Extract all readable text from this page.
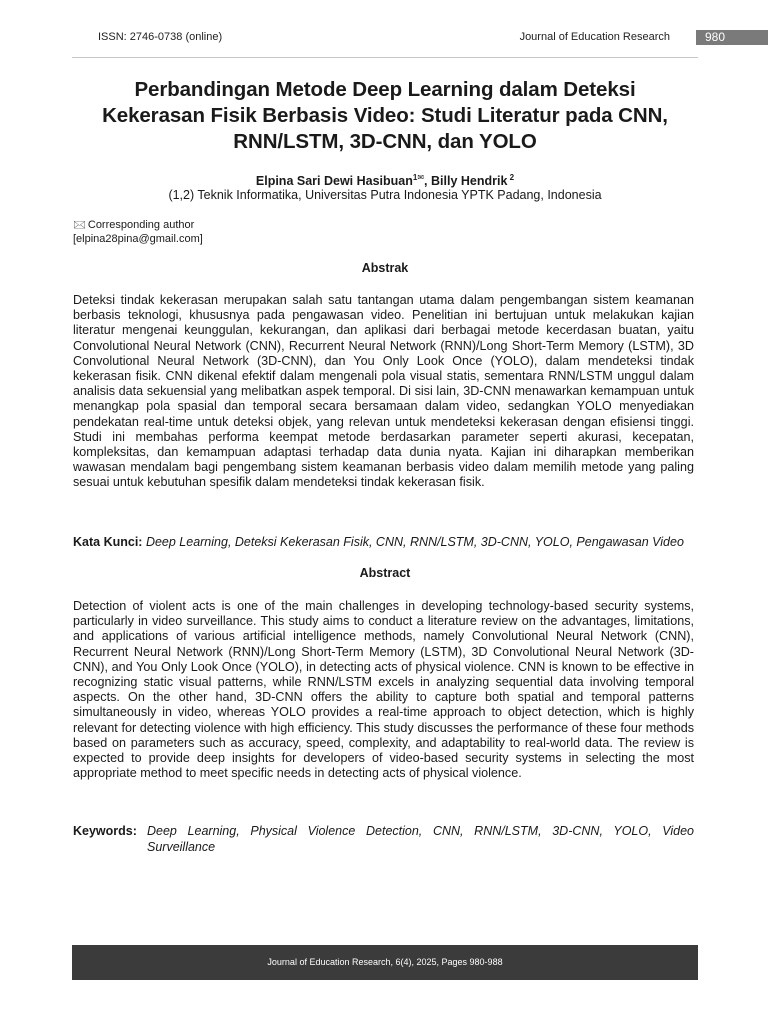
ISSN: 2746-0738 (online)	Journal of Education Research	980
Perbandingan Metode Deep Learning dalam Deteksi
Kekerasan Fisik Berbasis Video: Studi Literatur pada CNN,
RNN/LSTM, 3D-CNN, dan YOLO
Elpina Sari Dewi Hasibuan$^{1✉}$, Billy Hendrik $^2$
(1,2) Teknik Informatika, Universitas Putra Indonesia YPTK Padang, Indonesia
🖂 Corresponding author
[elpina28pina@gmail.com]
Abstrak

Deteksi tindak kekerasan merupakan salah satu tantangan utama dalam pengembangan sistem keamanan berbasis teknologi, khususnya pada pengawasan video. Penelitian ini bertujuan untuk melakukan kajian literatur mengenai keunggulan, kekurangan, dan aplikasi dari berbagai metode kecerdasan buatan, yaitu Convolutional Neural Network (CNN), Recurrent Neural Network (RNN)/Long Short-Term Memory (LSTM), 3D Convolutional Neural Network (3D-CNN), dan You Only Look Once (YOLO), dalam mendeteksi tindak kekerasan fisik. CNN dikenal efektif dalam mengenali pola visual statis, sementara RNN/LSTM unggul dalam analisis data sekuensial yang melibatkan aspek temporal. Di sisi lain, 3D-CNN menawarkan kemampuan untuk menangkap pola spasial dan temporal secara bersamaan dalam video, sedangkan YOLO menyediakan pendekatan real-time untuk deteksi objek, yang relevan untuk mendeteksi kekerasan dengan efisiensi tinggi. Studi ini membahas performa keempat metode berdasarkan parameter seperti akurasi, kecepatan, kompleksitas, dan kemampuan adaptasi terhadap data dunia nyata. Kajian ini diharapkan memberikan wawasan mendalam bagi pengembang sistem keamanan berbasis video dalam memilih metode yang paling sesuai untuk kebutuhan spesifik dalam mendeteksi tindak kekerasan fisik.

Kata Kunci: Deep Learning, Deteksi Kekerasan Fisik, CNN, RNN/LSTM, 3D-CNN, YOLO, Pengawasan Video
Abstract

Detection of violent acts is one of the main challenges in developing technology-based security systems, particularly in video surveillance. This study aims to conduct a literature review on the advantages, limitations, and applications of various artificial intelligence methods, namely Convolutional Neural Network (CNN), Recurrent Neural Network (RNN)/Long Short-Term Memory (LSTM), 3D Convolutional Neural Network (3D-CNN), and You Only Look Once (YOLO), in detecting acts of physical violence. CNN is known to be effective in recognizing static visual patterns, while RNN/LSTM excels in analyzing sequential data involving temporal aspects. On the other hand, 3D-CNN offers the ability to capture both spatial and temporal patterns simultaneously in video, whereas YOLO provides a real-time approach to object detection, which is highly relevant for detecting violence with high efficiency. This study discusses the performance of these four methods based on parameters such as accuracy, speed, complexity, and adaptability to real-world data. The review is expected to provide deep insights for developers of video-based security systems in selecting the most appropriate method to meet specific needs in detecting acts of physical violence.

Keywords: Deep Learning, Physical Violence Detection, CNN, RNN/LSTM, 3D-CNN, YOLO, Video Surveillance
Journal of Education Research, 6(4), 2025, Pages 980-988
